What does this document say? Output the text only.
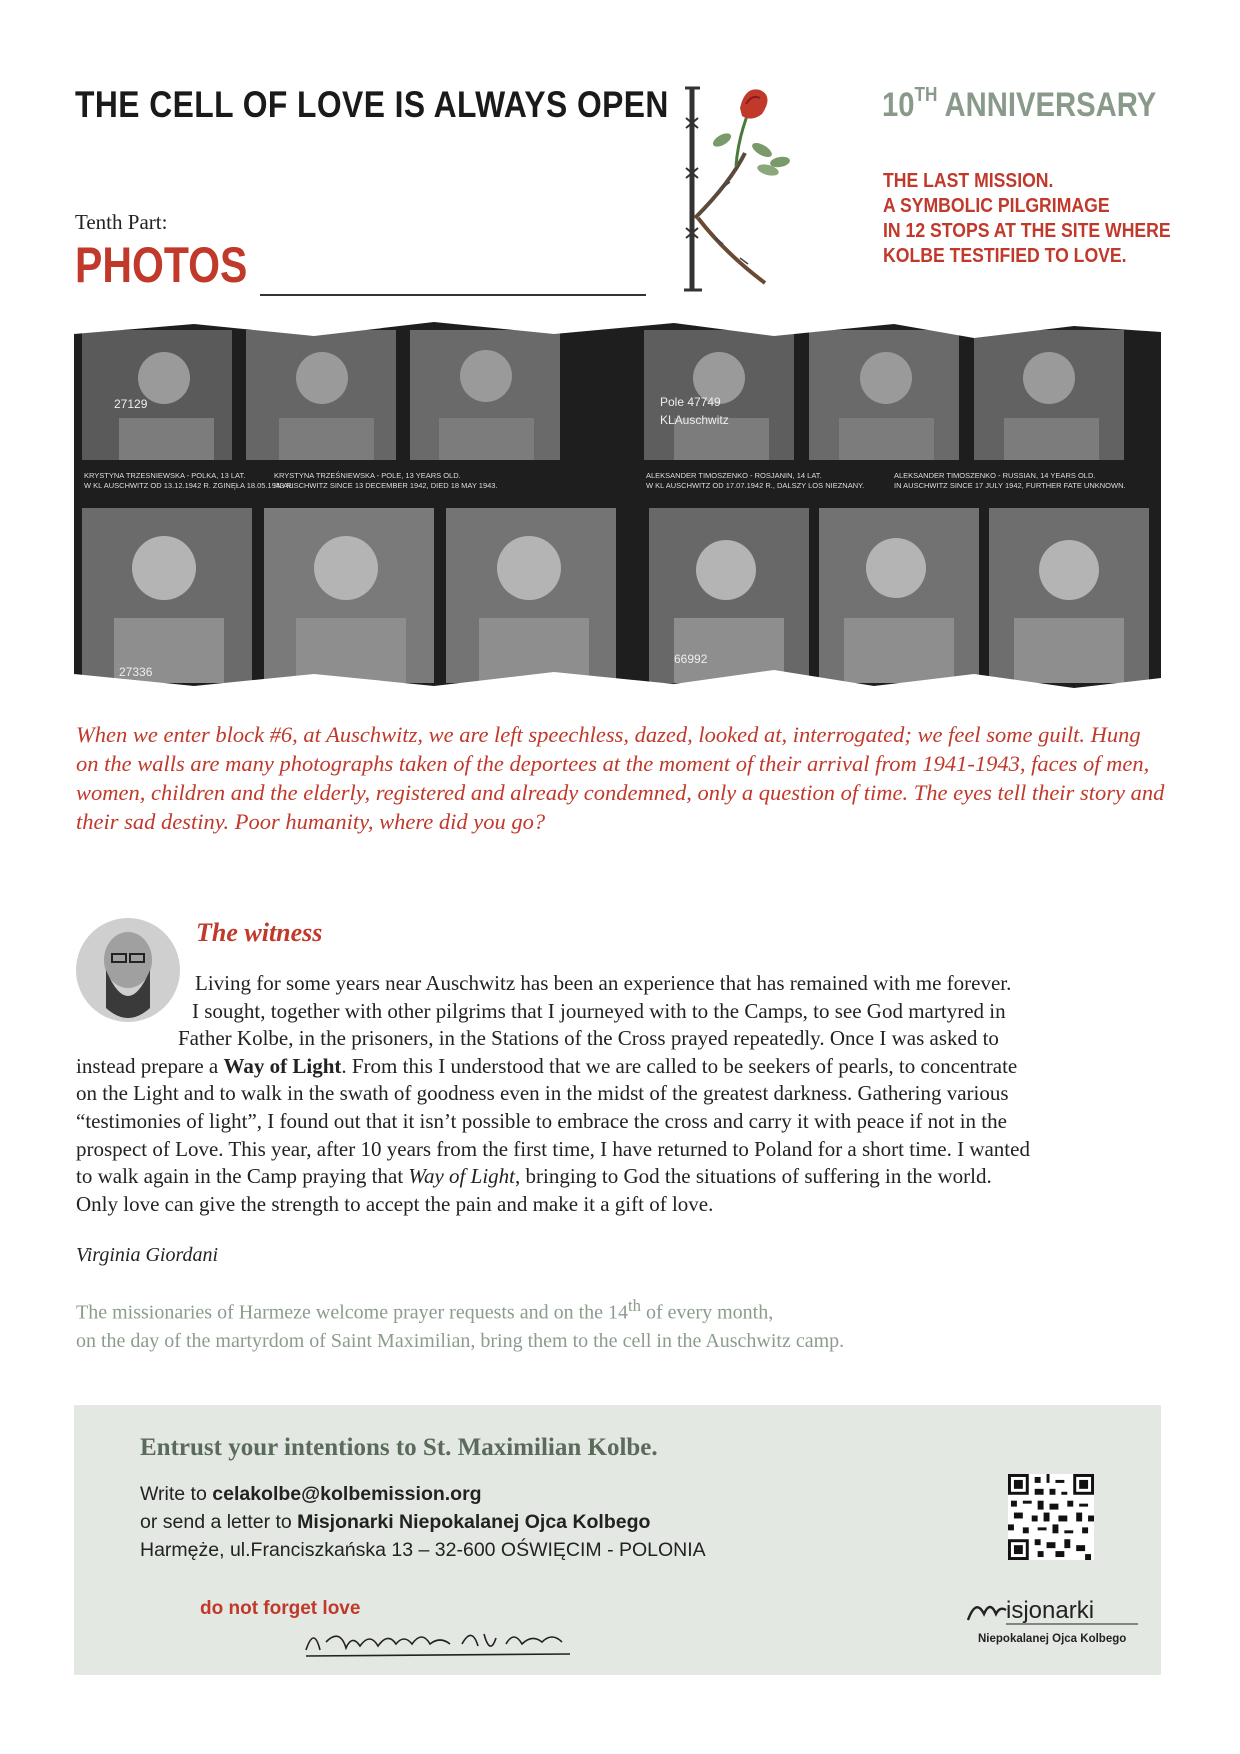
THE CELL OF LOVE IS ALWAYS OPEN
Tenth Part:
PHOTOS
10TH ANNIVERSARY
THE LAST MISSION.
A SYMBOLIC PILGRIMAGE
IN 12 STOPS AT THE SITE WHERE
KOLBE TESTIFIED TO LOVE.
KRYSTYNA TRZESNIEWSKA - POLKA, 13 LAT.
W KL AUSCHWITZ OD 13.12.1942 R. ZGINĘŁA 18.05.1943 R.
KRYSTYNA TRZEŚNIEWSKA - POLE, 13 YEARS OLD.
IN AUSCHWITZ SINCE 13 DECEMBER 1942, DIED 18 MAY 1943.
ALEKSANDER TIMOSZENKO - ROSJANIN, 14 LAT.
W KL AUSCHWITZ OD 17.07.1942 R., DALSZY LOS NIEZNANY.
ALEKSANDER TIMOSZENKO - RUSSIAN, 14 YEARS OLD.
IN AUSCHWITZ SINCE 17 JULY 1942, FURTHER FATE UNKNOWN.
27129	Pole 47749
KLAuschwitz
27336
66992
When we enter block #6, at Auschwitz, we are left speechless, dazed, looked at, interrogated; we feel some guilt. Hung on the walls are many photographs taken of the deportees at the moment of their arrival from 1941-1943, faces of men, women, children and the elderly, registered and already condemned, only a question of time. The eyes tell their story and their sad destiny. Poor humanity, where did you go?
The witness
Living for some years near Auschwitz has been an experience that has remained with me forever.
I sought, together with other pilgrims that I journeyed with to the Camps, to see God martyred in
Father Kolbe, in the prisoners, in the Stations of the Cross prayed repeatedly. Once I was asked to
instead prepare a Way of Light. From this I understood that we are called to be seekers of pearls, to concentrate
on the Light and to walk in the swath of goodness even in the midst of the greatest darkness. Gathering various
“testimonies of light”, I found out that it isn’t possible to embrace the cross and carry it with peace if not in the
prospect of Love. This year, after 10 years from the first time, I have returned to Poland for a short time. I wanted
to walk again in the Camp praying that Way of Light, bringing to God the situations of suffering in the world.
Only love can give the strength to accept the pain and make it a gift of love.
Virginia Giordani
The missionaries of Harmeze welcome prayer requests and on the 14th of every month,
on the day of the martyrdom of Saint Maximilian, bring them to the cell in the Auschwitz camp.
Entrust your intentions to St. Maximilian Kolbe.
Write to celakolbe@kolbemission.org
or send a letter to Misjonarki Niepokalanej Ojca Kolbego
Harmęże, ul.Franciszkańska 13 – 32-600 OŚWIĘCIM - POLONIA
do not forget love	isjonarki
Niepokalanej Ojca Kolbego
